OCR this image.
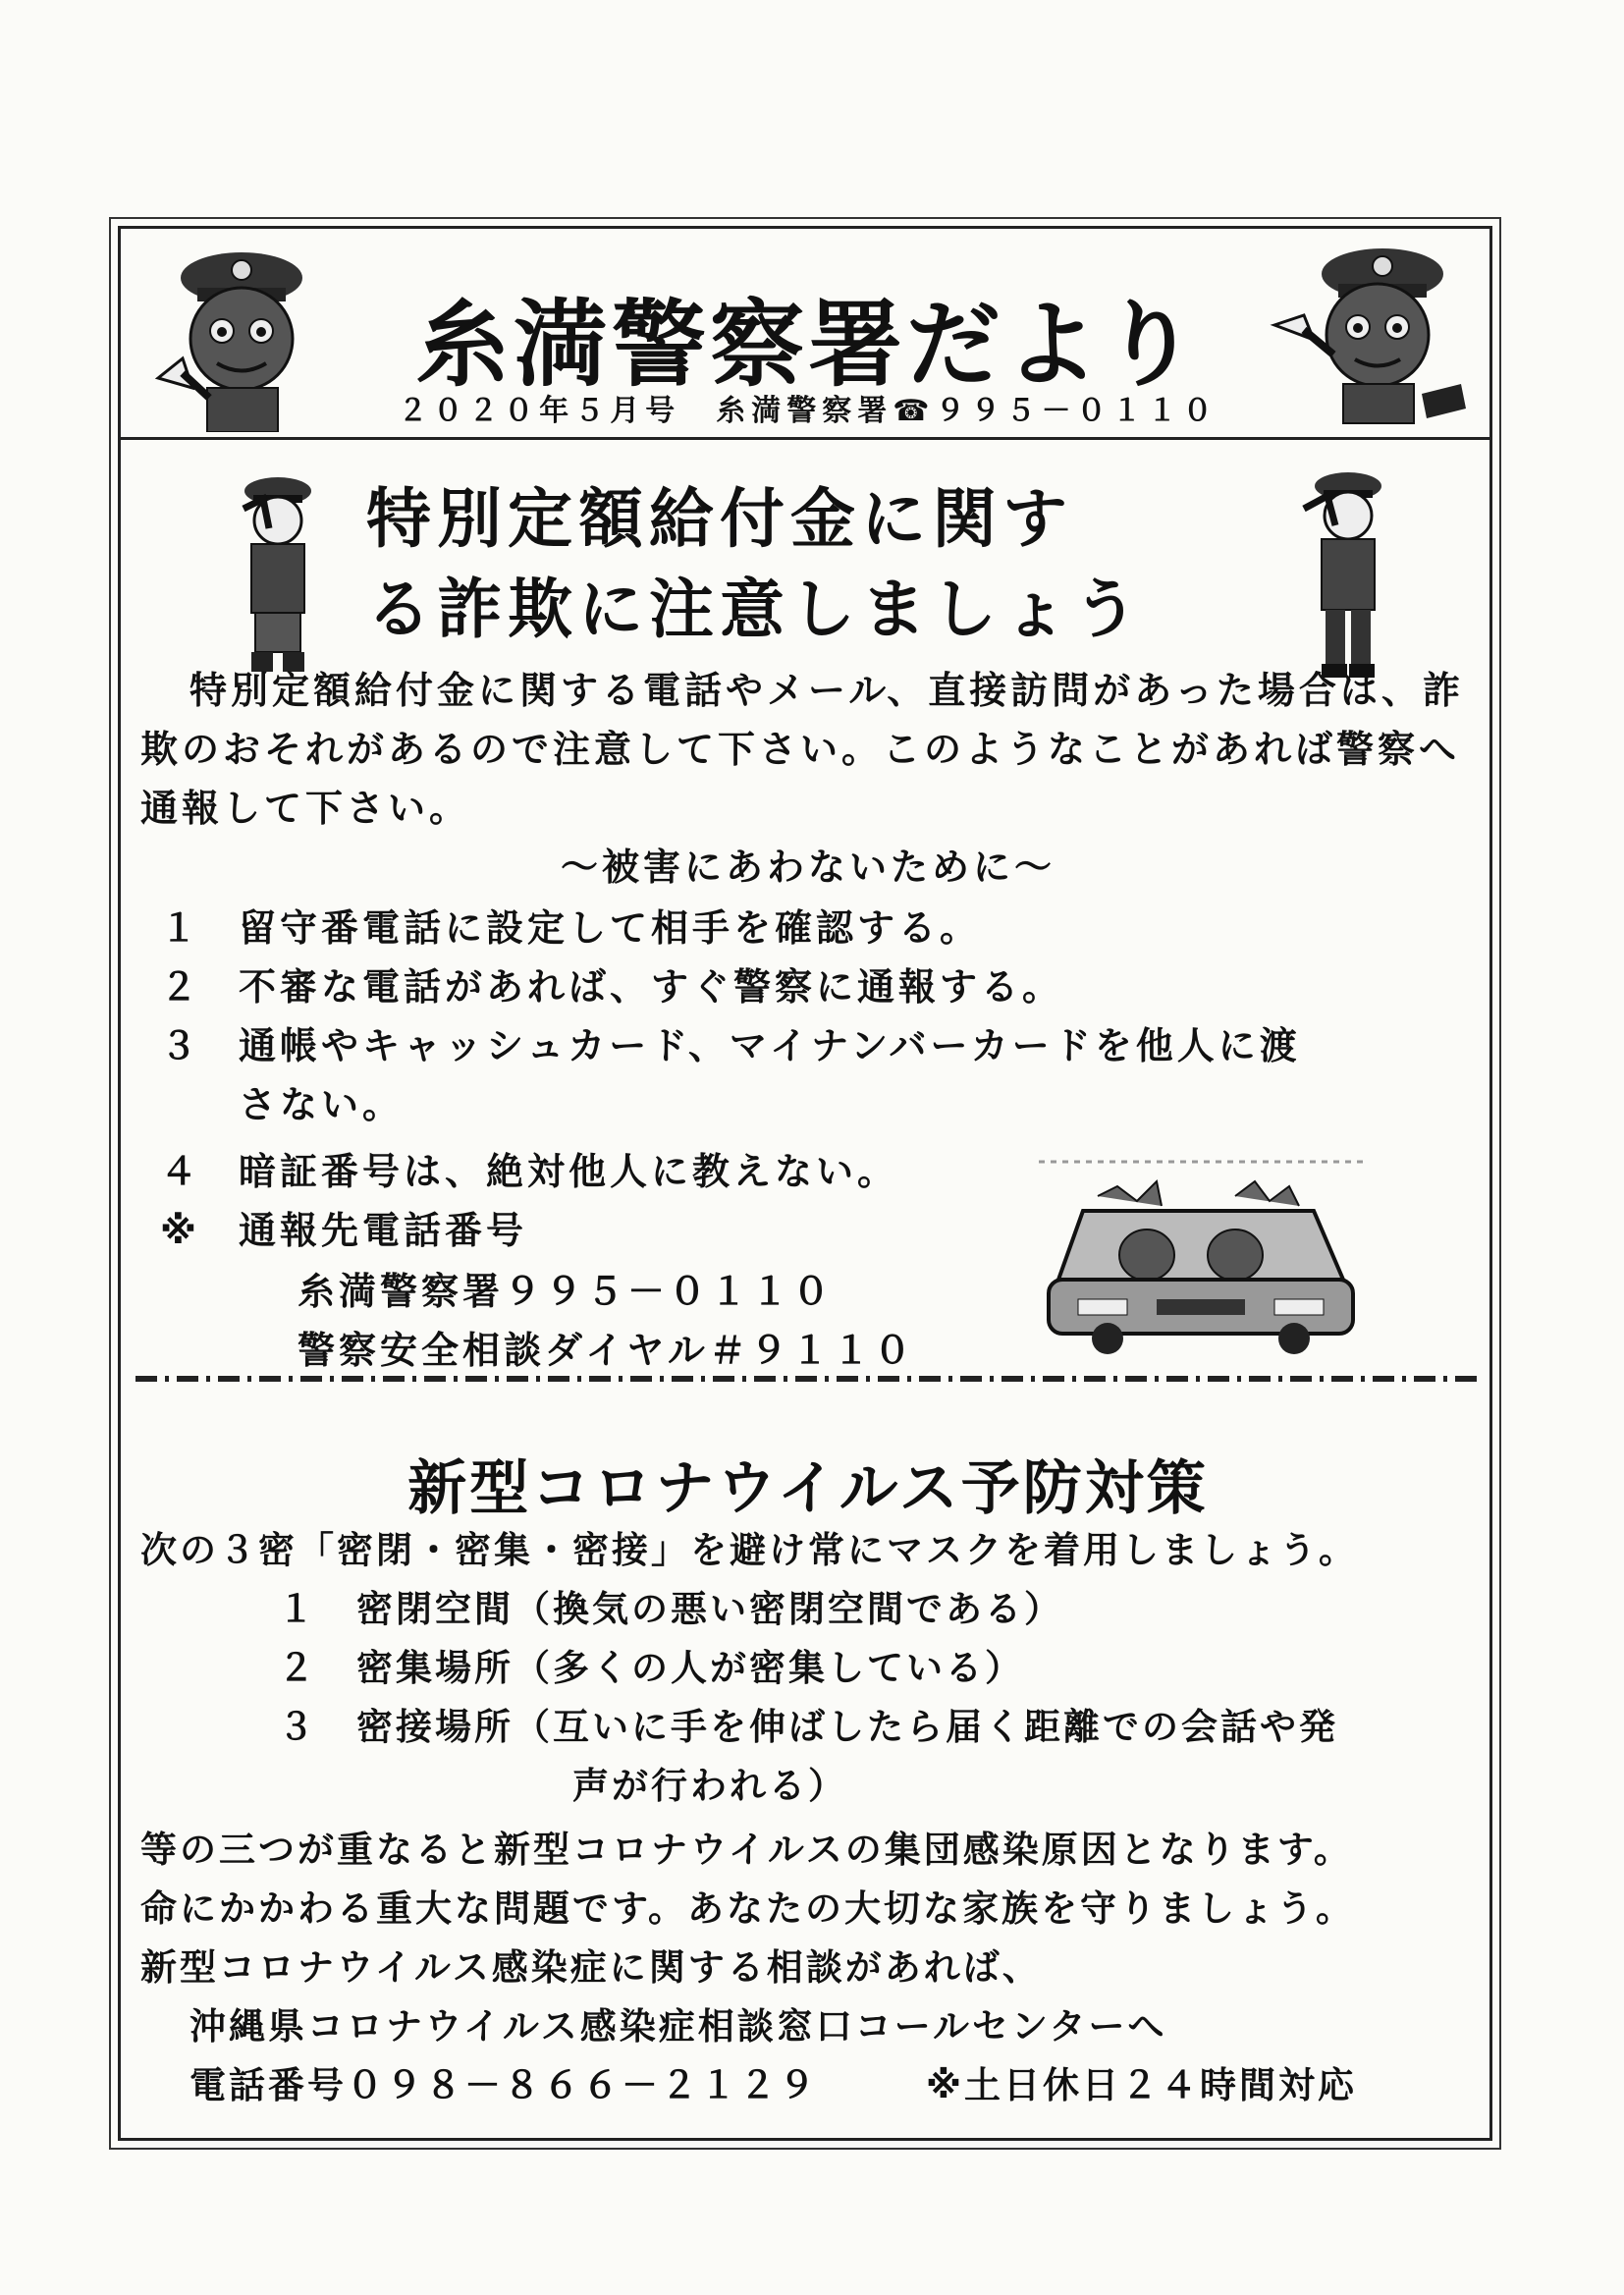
糸満警察署だより
２０２０年５月号　糸満警察署☎９９５－０１１０
特別定額給付金に関す
る詐欺に注意しましょう
特別定額給付金に関する電話やメール、直接訪問があった場合は、詐欺のおそれがあるので注意して下さい。このようなことがあれば警察へ通報して下さい。
～被害にあわないために～
１ 留守番電話に設定して相手を確認する。
２ 不審な電話があれば、すぐ警察に通報する。
３ 通帳やキャッシュカード、マイナンバーカードを他人に渡
さない。
４ 暗証番号は、絶対他人に教えない。
※ 通報先電話番号
糸満警察署９９５－０１１０
警察安全相談ダイヤル＃９１１０
新型コロナウイルス予防対策
次の３密「密閉・密集・密接」を避け常にマスクを着用しましょう。
１ 密閉空間（換気の悪い密閉空間である）
２ 密集場所（多くの人が密集している）
３ 密接場所（互いに手を伸ばしたら届く距離での会話や発
声が行われる）
等の三つが重なると新型コロナウイルスの集団感染原因となります。
命にかかわる重大な問題です。あなたの大切な家族を守りましょう。
新型コロナウイルス感染症に関する相談があれば、
沖縄県コロナウイルス感染症相談窓口コールセンターへ
電話番号０９８－８６６－２１２９	※土日休日２４時間対応
